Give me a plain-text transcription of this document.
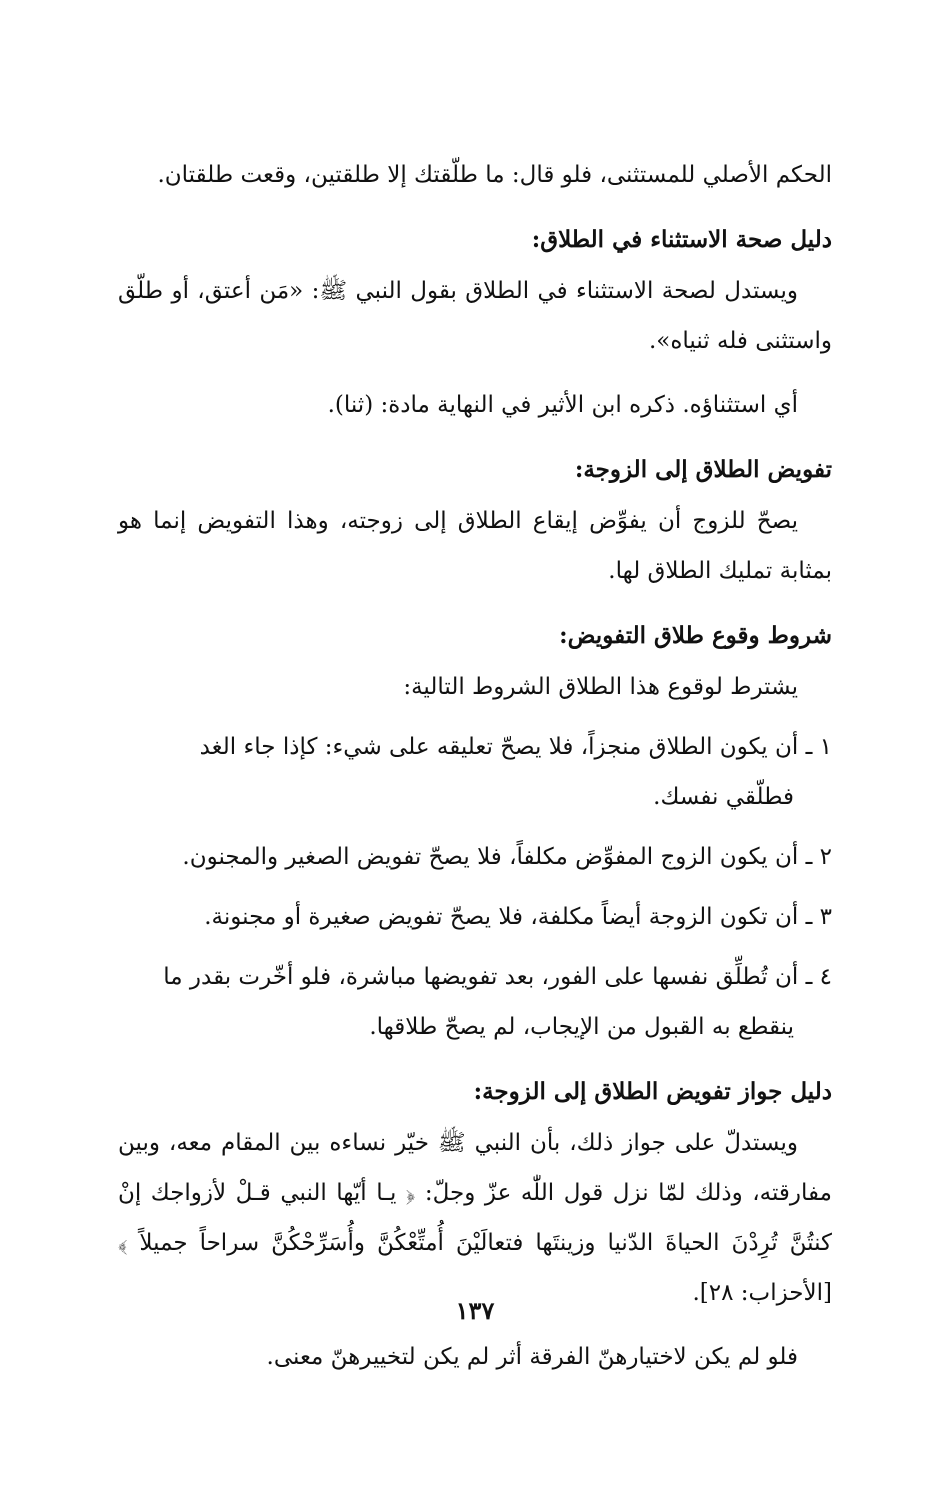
الحكم الأصلي للمستثنى، فلو قال: ما طلّقتك إلا طلقتين، وقعت طلقتان.

دليل صحة الاستثناء في الطلاق:

ويستدل لصحة الاستثناء في الطلاق بقول النبي ﷺ: «مَن أعتق، أو طلّق واستثنى فله ثنياه».

أي استثناؤه. ذكره ابن الأثير في النهاية مادة: (ثنا).

تفويض الطلاق إلى الزوجة:

يصحّ للزوج أن يفوِّض إيقاع الطلاق إلى زوجته، وهذا التفويض إنما هو بمثابة تمليك الطلاق لها.

شروط وقوع طلاق التفويض:

يشترط لوقوع هذا الطلاق الشروط التالية:

١ ـ أن يكون الطلاق منجزاً، فلا يصحّ تعليقه على شيء: كإذا جاء الغد
فطلّقي نفسك.

٢ ـ أن يكون الزوج المفوِّض مكلفاً، فلا يصحّ تفويض الصغير والمجنون.

٣ ـ أن تكون الزوجة أيضاً مكلفة، فلا يصحّ تفويض صغيرة أو مجنونة.

٤ ـ أن تُطلِّق نفسها على الفور، بعد تفويضها مباشرة، فلو أخّرت بقدر ما
ينقطع به القبول من الإيجاب، لم يصحّ طلاقها.

دليل جواز تفويض الطلاق إلى الزوجة:

ويستدلّ على جواز ذلك، بأن النبي ﷺ خيّر نساءه بين المقام معه، وبين مفارقته، وذلك لمّا نزل قول اللّٰه عزّ وجلّ: ﴿ يـا أيّها النبي قـلْ لأزواجك إنْ كنتُنَّ تُرِدْنَ الحياةَ الدّنيا وزينتَها فتعالَيْنَ أُمتِّعْكُنَّ وأُسَرِّحْكُنَّ سراحاً جميلاً ﴾ [الأحزاب: ٢٨].

فلو لم يكن لاختيارهنّ الفرقة أثر لم يكن لتخييرهنّ معنى.

١٣٧
